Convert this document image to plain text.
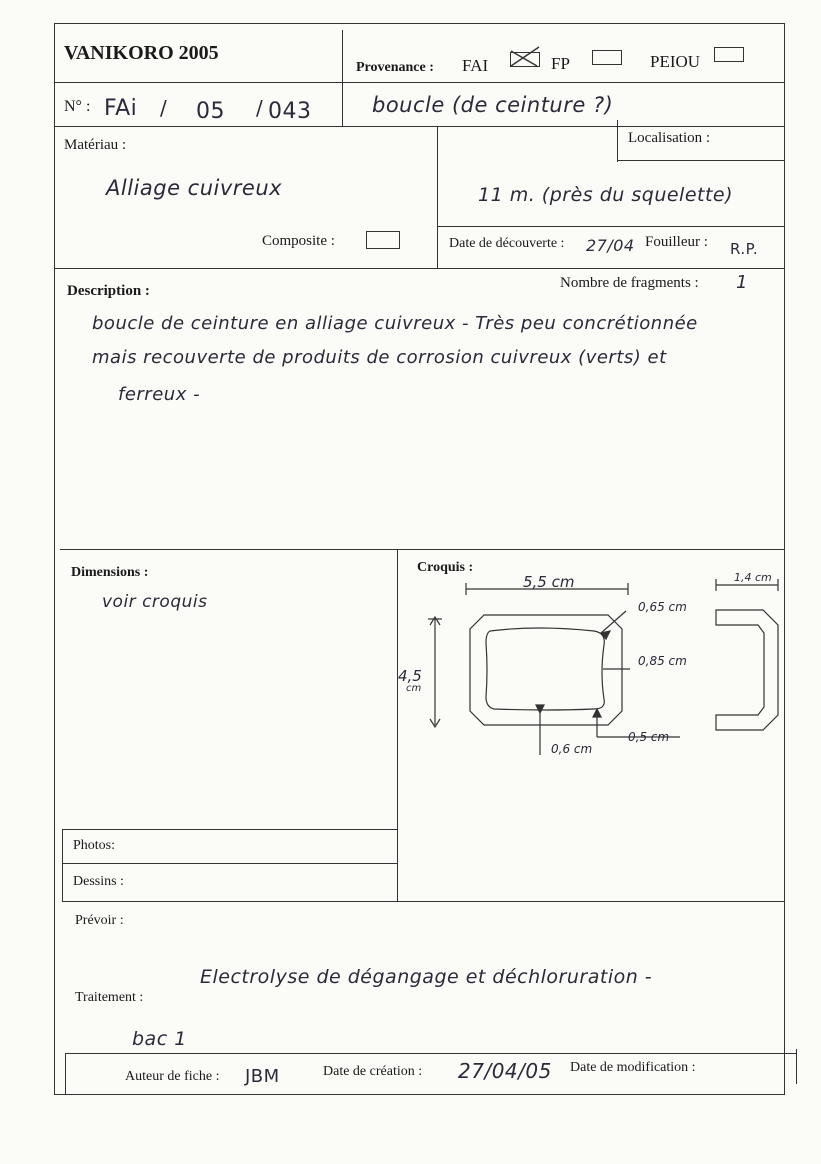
VANIKORO 2005
Provenance : FAI	FP	PEIOU
N° : FAi / 05 / 043	boucle (de ceinture ?)
Matériau :
Alliage cuivreux
Composite :
Localisation :
11 m. (près du squelette)
Date de découverte : 27/04 Fouilleur : R.P.
Description :	Nombre de fragments : 1
boucle de ceinture en alliage cuivreux - Très peu concrétionnée
mais recouverte de produits de corrosion cuivreux (verts) et
ferreux -
Dimensions :
voir croquis
Croquis :
5,5 cm
4,5
cm
0,65 cm
0,85 cm
0,5 cm
0,6 cm
1,4 cm
Photos:
Dessins :
Prévoir :
Traitement :
Electrolyse de dégangage et déchloruration -
bac 1
Auteur de fiche : JBM	Date de création : 27/04/05 Date de modification :
